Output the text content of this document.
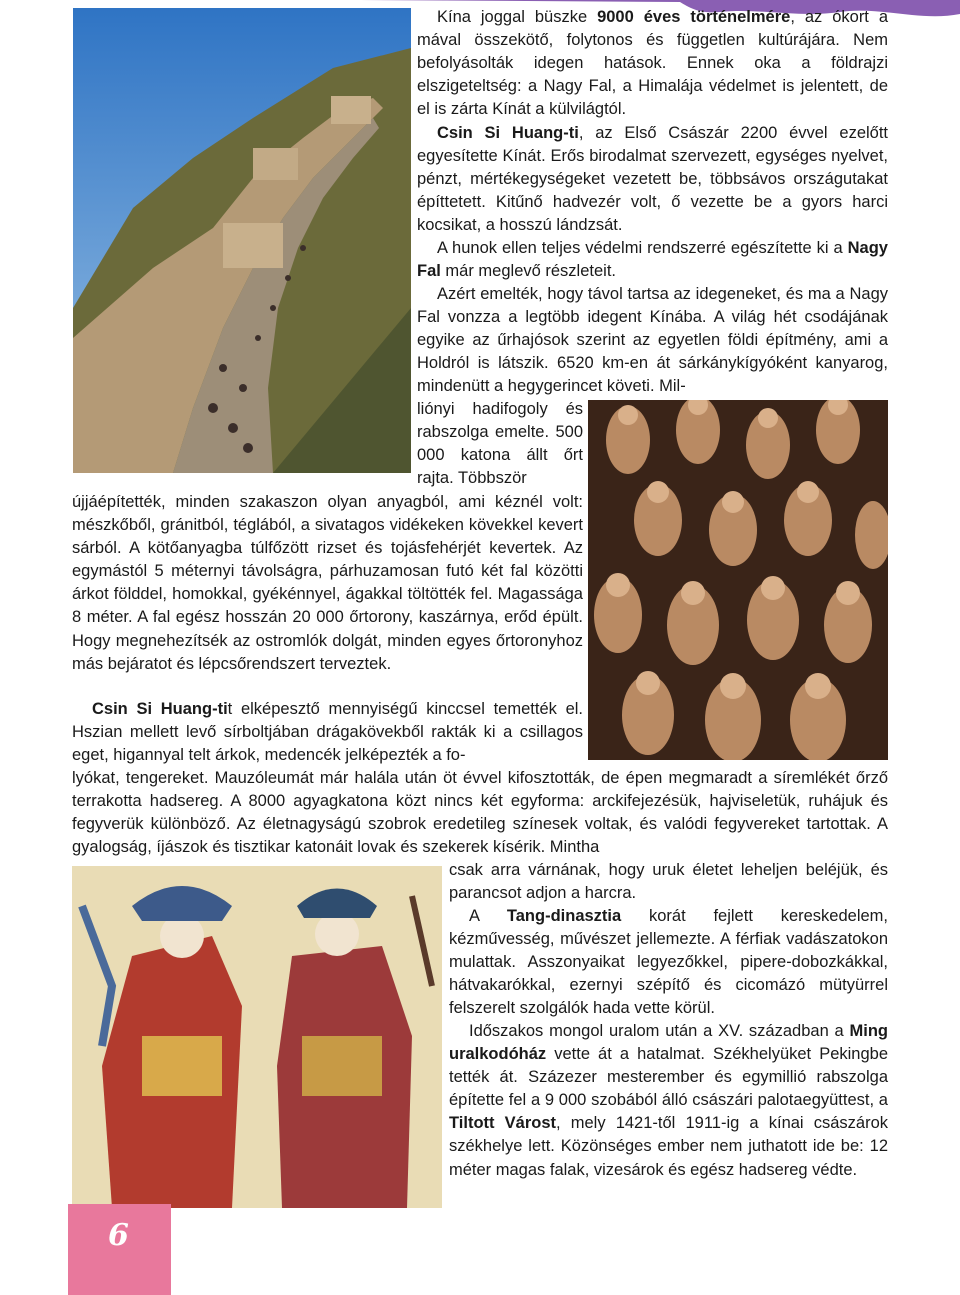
Kína joggal büszke 9000 éves történelmére, az ókort a mával összekötő, folytonos és független kultúrájára. Nem befolyásolták idegen hatások. Ennek oka a földrajzi elszigeteltség: a Nagy Fal, a Himalája védelmet is jelentett, de el is zárta Kínát a külvilágtól.

Csin Si Huang-ti, az Első Császár 2200 évvel ezelőtt egyesítette Kínát. Erős birodalmat szervezett, egységes nyelvet, pénzt, mértékegységeket vezetett be, többsávos országutakat építtetett. Kitűnő hadvezér volt, ő vezette be a gyors harci kocsikat, a hosszú lándzsát.

A hunok ellen teljes védelmi rendszerré egészítette ki a Nagy Fal már meglevő részleteit.

Azért emelték, hogy távol tartsa az idegeneket, és ma a Nagy Fal vonzza a legtöbb idegent Kínába. A világ hét csodájának egyike az űrhajósok szerint az egyetlen földi építmény, ami a Holdról is látszik. 6520 km-en át sárkánykígyóként kanyarog, mindenütt a hegygerincet követi. Mil-

liónyi hadifogoly és rabszolga emelte. 500 000 katona állt őrt rajta. Többször

újjáépítették, minden szakaszon olyan anyagból, ami kéznél volt: mészkőből, gránitból, téglából, a sivatagos vidékeken kövekkel kevert sárból. A kötőanyagba túlfőzött rizset és tojásfehérjét kevertek. Az egymástól 5 méternyi távolságra, párhuzamosan futó két fal közötti árkot földdel, homokkal, gyékénnyel, ágakkal töltötték fel. Magassága 8 méter. A fal egész hosszán 20 000 őrtorony, kaszárnya, erőd épült. Hogy megnehezítsék az ostromlók dolgát, minden egyes őrtoronyhoz más bejáratot és lépcsőrendszert terveztek.

Csin Si Huang-tit elképesztő mennyiségű kinccsel temették el. Hszian mellett levő sírboltjában drágakövekből rakták ki a csillagos eget, higannyal telt árkok, medencék jelképezték a fo-

lyókat, tengereket. Mauzóleumát már halála után öt évvel kifosztották, de épen megmaradt a síremlékét őrző terrakotta hadsereg. A 8000 agyagkatona közt nincs két egyforma: arckifejezésük, hajviseletük, ruhájuk és fegyverük különböző. Az életnagyságú szobrok eredetileg színesek voltak, és valódi fegyvereket tartottak. A gyalogság, íjászok és tisztikar katonáit lovak és szekerek kísérik. Mintha

csak arra várnának, hogy uruk életet leheljen beléjük, és parancsot adjon a harcra.

A Tang-dinasztia korát fejlett kereskedelem, kézművesség, művészet jellemezte. A férfiak vadászatokon mulattak. Asszonyaikat legyezőkkel, pipere-dobozkákkal, hátvakarókkal, ezernyi szépítő és cicomázó mütyürrel felszerelt szolgálók hada vette körül.

Időszakos mongol uralom után a XV. században a Ming uralkodóház vette át a hatalmat. Székhelyüket Pekingbe tették át. Százezer mesterember és egymillió rabszolga építette fel a 9 000 szobából álló császári palotaegyüttest, a Tiltott Várost, mely 1421-től 1911-ig a kínai császárok székhelye lett. Közönséges ember nem juthatott ide be: 12 méter magas falak, vizesárok és egész hadsereg védte.

6
